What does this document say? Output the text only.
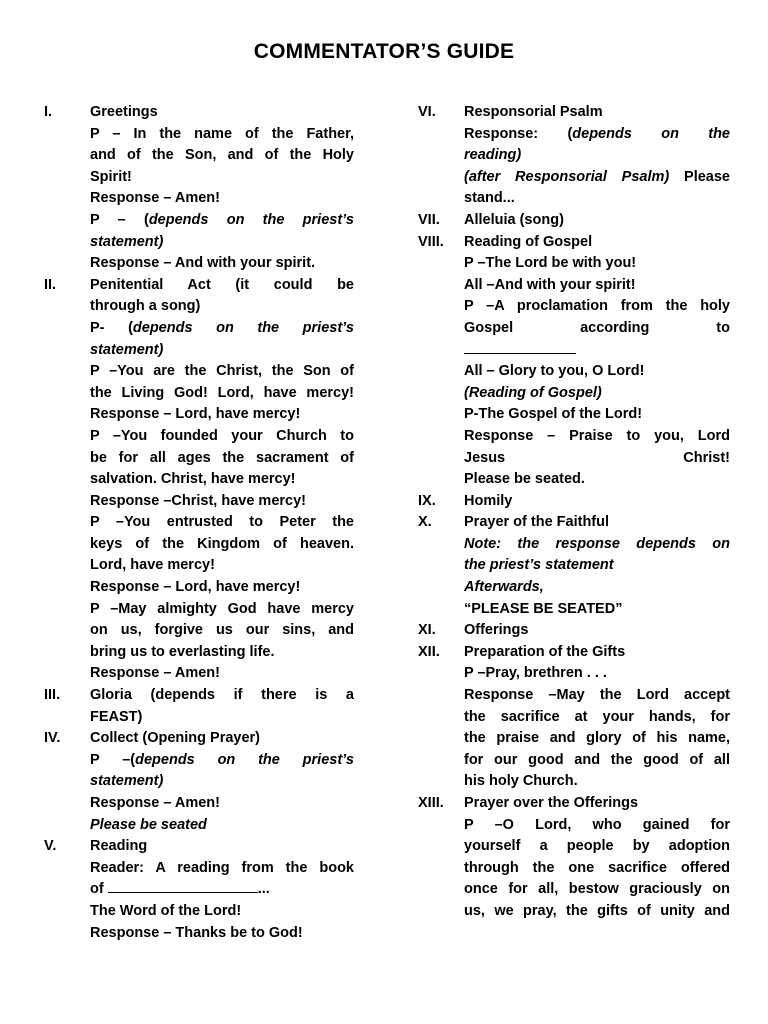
COMMENTATOR’S GUIDE
I.	Greetings
P – In the name of the Father,
and of the Son, and of the Holy
Spirit!
Response – Amen!
P – (depends on the priest’s
statement)
Response – And with your spirit.
II.	Penitential Act (it could be
through a song)
P- (depends on the priest’s
statement)
P –You are the Christ, the Son of
the Living God! Lord, have mercy!
Response – Lord, have mercy!
P –You founded your Church to
be for all ages the sacrament of
salvation. Christ, have mercy!
Response –Christ, have mercy!
P –You entrusted to Peter the
keys of the Kingdom of heaven.
Lord, have mercy!
Response – Lord, have mercy!
P –May almighty God have mercy
on us, forgive us our sins, and
bring us to everlasting life.
Response – Amen!
III.	Gloria (depends if there is a
FEAST)
IV.	Collect (Opening Prayer)
P –(depends on the priest’s
statement)
Response – Amen!
Please be seated
V.	Reading
Reader: A reading from the book
of	...
The Word of the Lord!
Response – Thanks be to God!
VI.	Responsorial Psalm
Response: (depends on the
reading)
(after Responsorial Psalm) Please
stand...
VII.	Alleluia (song)
VIII.	Reading of Gospel
P –The Lord be with you!
All –And with your spirit!
P –A proclamation from the holy
Gospel according to
All – Glory to you, O Lord!
(Reading of Gospel)
P-The Gospel of the Lord!
Response – Praise to you, Lord
Jesus Christ!
Please be seated.
IX.	Homily
X.	Prayer of the Faithful
Note: the response depends on
the priest’s statement
Afterwards,
“PLEASE BE SEATED”
XI.	Offerings
XII.	Preparation of the Gifts
P –Pray, brethren . . .
Response –May the Lord accept
the sacrifice at your hands, for
the praise and glory of his name,
for our good and the good of all
his holy Church.
XIII.	Prayer over the Offerings
P –O Lord, who gained for
yourself a people by adoption
through the one sacrifice offered
once for all, bestow graciously on
us, we pray, the gifts of unity and
